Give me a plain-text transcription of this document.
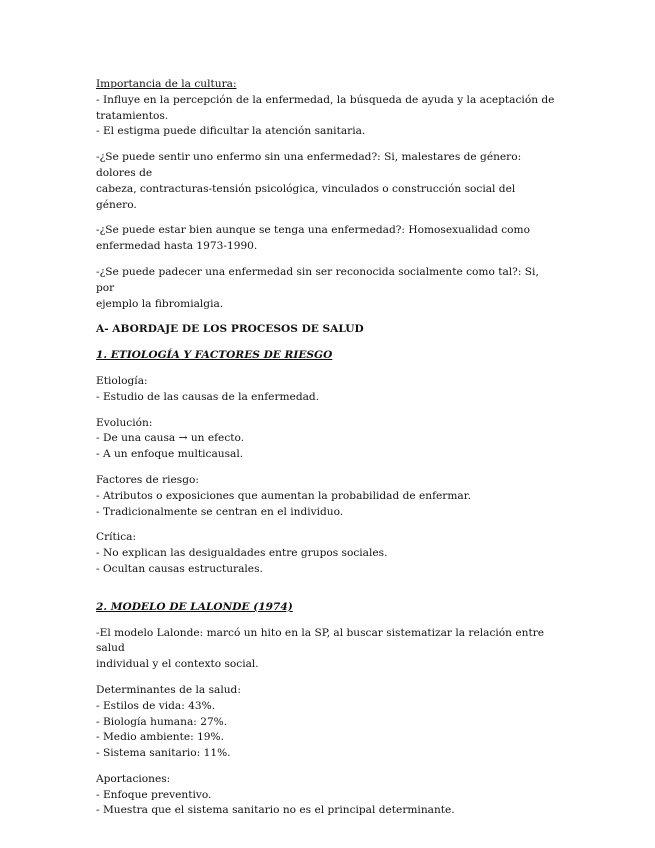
Importancia de la cultura:

- Influye en la percepción de la enfermedad, la búsqueda de ayuda y la aceptación de

tratamientos.

- El estigma puede dificultar la atención sanitaria.

-¿Se puede sentir uno enfermo sin una enfermedad?: Si, malestares de género: dolores de

cabeza, contracturas-tensión psicológica, vinculados o construcción social del género.

-¿Se puede estar bien aunque se tenga una enfermedad?: Homosexualidad como

enfermedad hasta 1973-1990.

-¿Se puede padecer una enfermedad sin ser reconocida socialmente como tal?: Si, por

ejemplo la fibromialgia.

A- ABORDAJE DE LOS PROCESOS DE SALUD

1. ETIOLOGÍA Y FACTORES DE RIESGO

Etiología:

- Estudio de las causas de la enfermedad.

Evolución:

- De una causa → un efecto.

- A un enfoque multicausal.

Factores de riesgo:

- Atributos o exposiciones que aumentan la probabilidad de enfermar.

- Tradicionalmente se centran en el individuo.

Crítica:

- No explican las desigualdades entre grupos sociales.

- Ocultan causas estructurales.

2. MODELO DE LALONDE (1974)

-El modelo Lalonde: marcó un hito en la SP, al buscar sistematizar la relación entre salud

individual y el contexto social.

Determinantes de la salud:

- Estilos de vida: 43%.

- Biología humana: 27%.

- Medio ambiente: 19%.

- Sistema sanitario: 11%.

Aportaciones:

- Enfoque preventivo.

- Muestra que el sistema sanitario no es el principal determinante.
